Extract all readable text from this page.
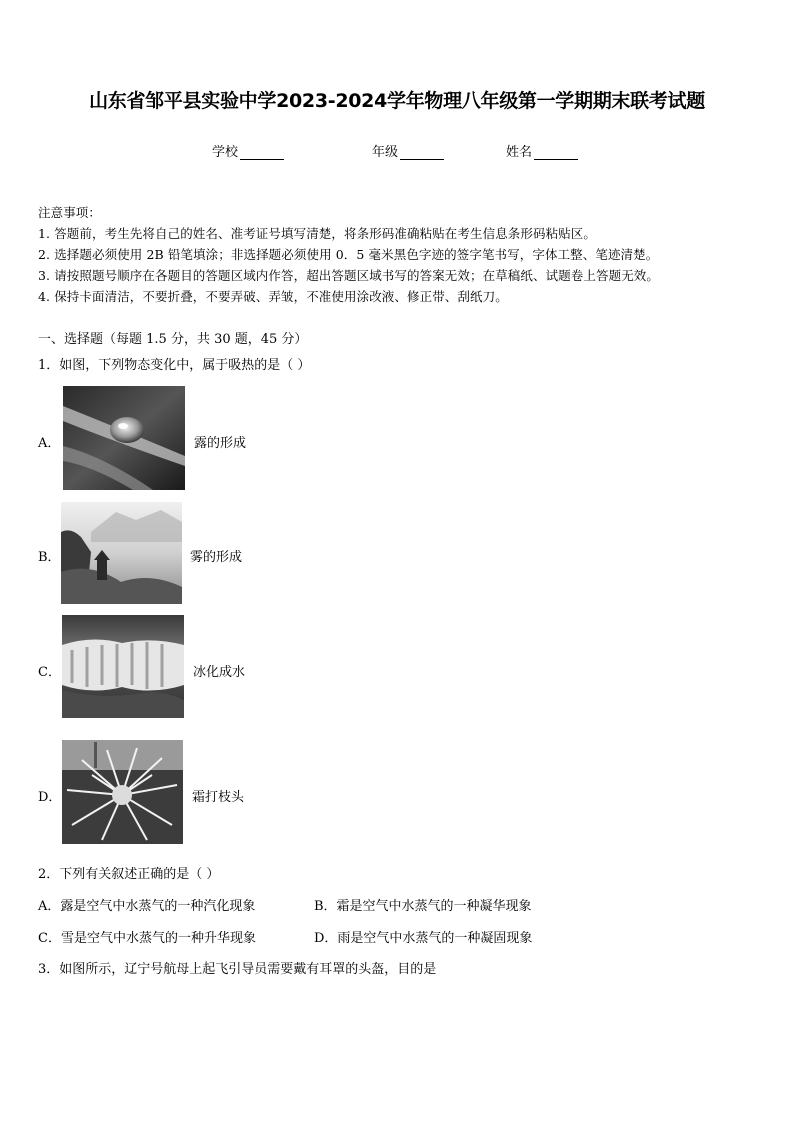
山东省邹平县实验中学2023-2024学年物理八年级第一学期期末联考试题
学校	年级	姓名
注意事项：
1. 答题前，考生先将自己的姓名、准考证号填写清楚，将条形码准确粘贴在考生信息条形码粘贴区。
2. 选择题必须使用 2B 铅笔填涂；非选择题必须使用 0．5 毫米黑色字迹的签字笔书写，字体工整、笔迹清楚。
3. 请按照题号顺序在各题目的答题区域内作答，超出答题区域书写的答案无效；在草稿纸、试题卷上答题无效。
4. 保持卡面清洁，不要折叠，不要弄破、弄皱，不准使用涂改液、修正带、刮纸刀。
一、选择题（每题 1.5 分，共 30 题，45 分）
1．如图，下列物态变化中，属于吸热的是（ ）
A．	露的形成
B．	雾的形成
C．	冰化成水
D．	霜打枝头
2．下列有关叙述正确的是（ ）
A．露是空气中水蒸气的一种汽化现象	B．霜是空气中水蒸气的一种凝华现象
C．雪是空气中水蒸气的一种升华现象	D．雨是空气中水蒸气的一种凝固现象
3．如图所示，辽宁号航母上起飞引导员需要戴有耳罩的头盔，目的是
